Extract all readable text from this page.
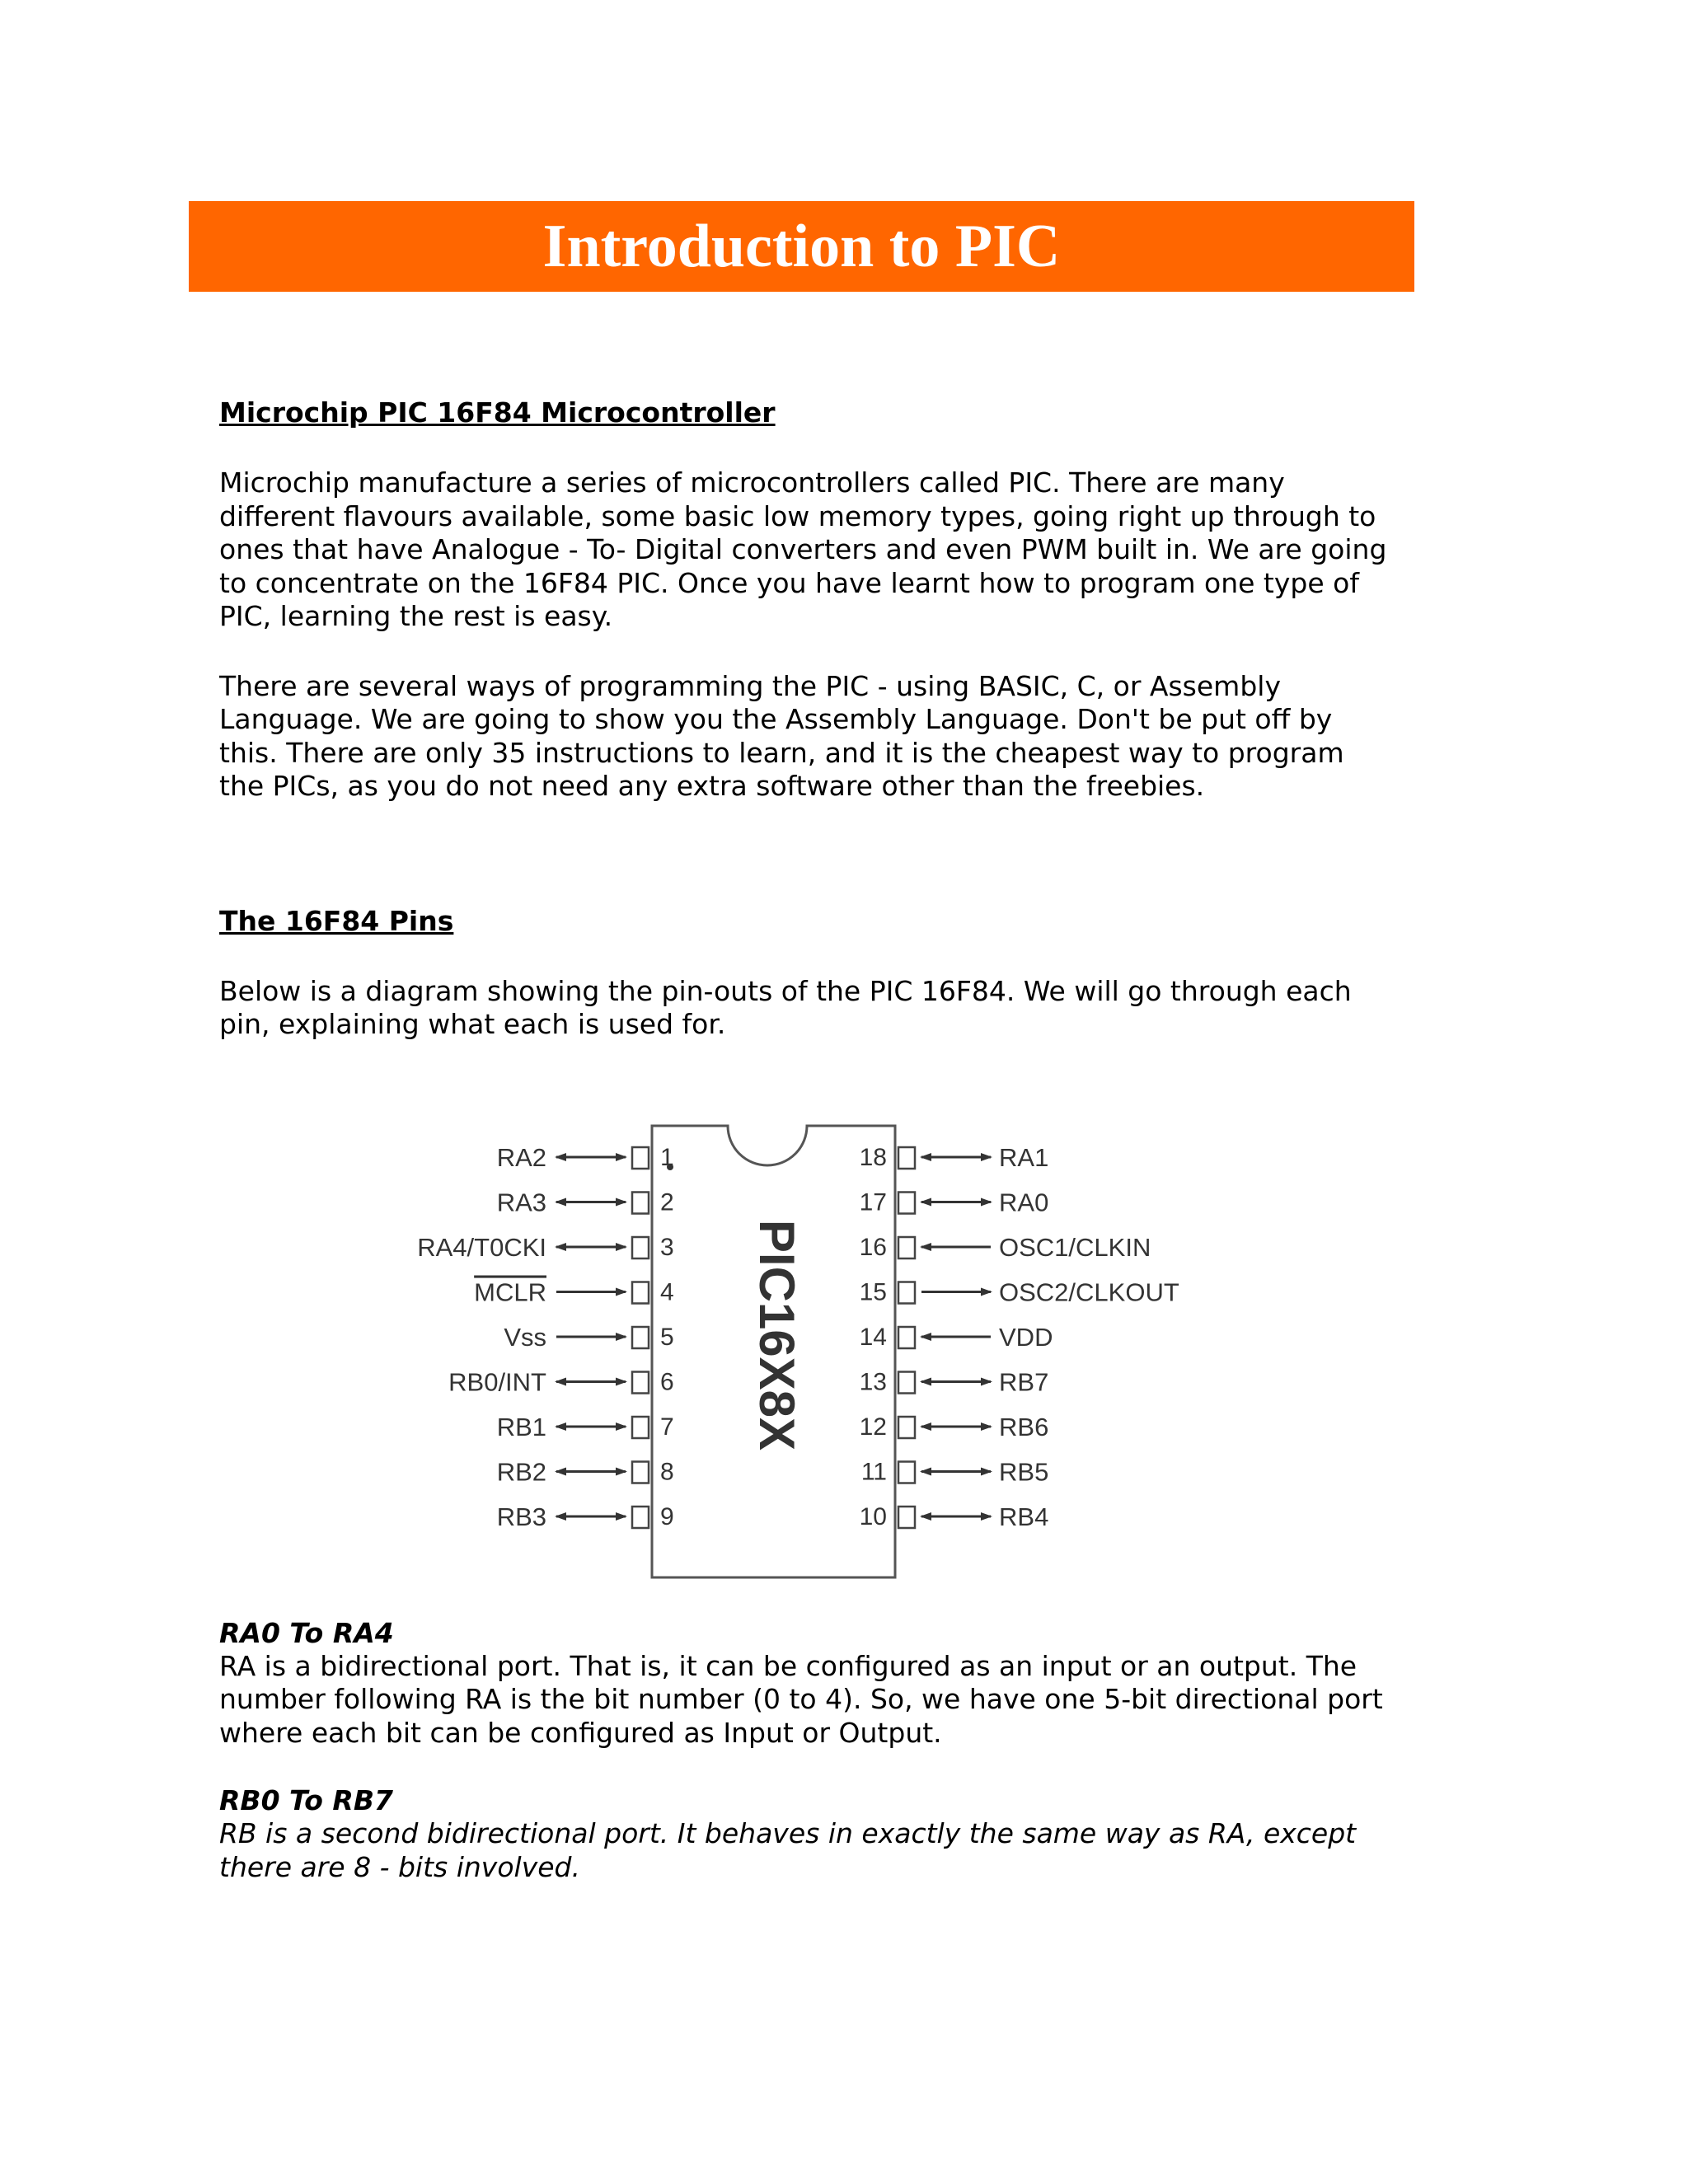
Introduction to PIC
Microchip PIC 16F84 Microcontroller

Microchip manufacture a series of microcontrollers called PIC. There are many different flavours available, some basic low memory types, going right up through to ones that have Analogue - To- Digital converters and even PWM built in. We are going to concentrate on the 16F84 PIC. Once you have learnt how to program one type of PIC, learning the rest is easy.

There are several ways of programming the PIC - using BASIC, C, or Assembly Language. We are going to show you the Assembly Language. Don't be put off by this. There are only 35 instructions to learn, and it is the cheapest way to program the PICs, as you do not need any extra software other than the freebies.

The 16F84 Pins

Below is a diagram showing the pin-outs of the PIC 16F84. We will go through each pin, explaining what each is used for.

PIC16X8X
1
RA2
2
RA3
3
RA4/T0CKI
4
MCLR
5
Vss
6
RB0/INT
7
RB1
8
RB2
9
RB3
18	RA1
17	RA0
16	OSC1/CLKIN
15	OSC2/CLKOUT
14	VDD
13	RB7
12	RB6
11	RB5
10	RB4
RA0 To RA4

RA is a bidirectional port. That is, it can be configured as an input or an output. The number following RA is the bit number (0 to 4). So, we have one 5-bit directional port where each bit can be configured as Input or Output.

RB0 To RB7

RB is a second bidirectional port. It behaves in exactly the same way as RA, except there are 8 - bits involved.
